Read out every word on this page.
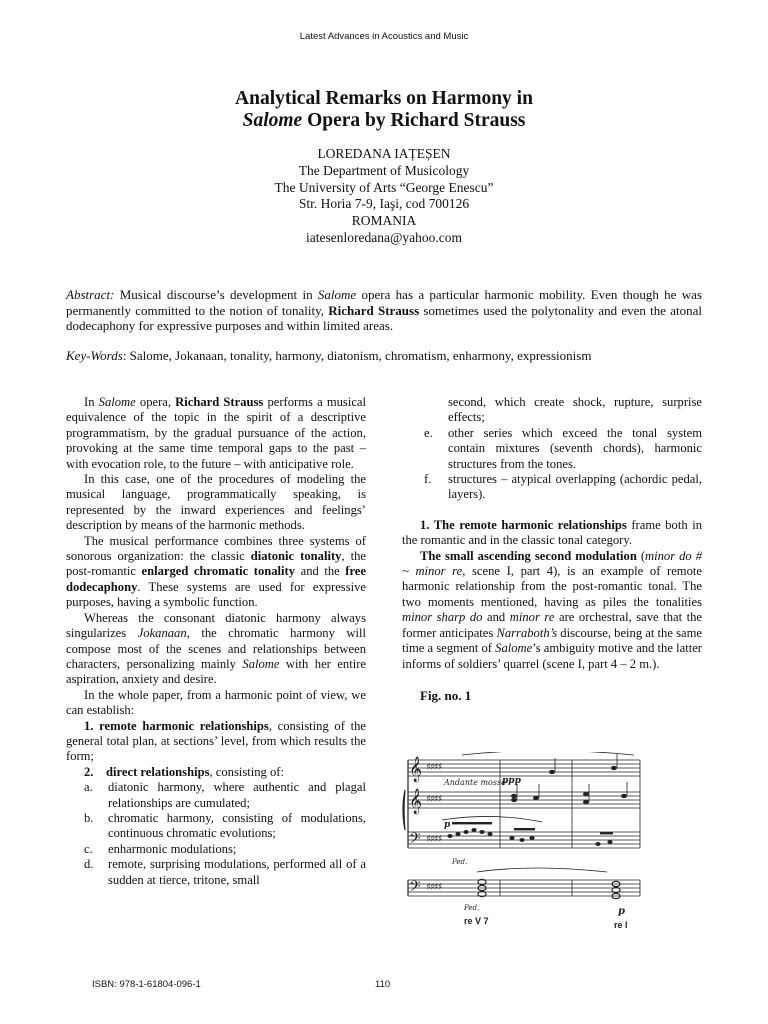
Latest Advances in Acoustics and Music
Analytical Remarks on Harmony in
Salome Opera by Richard Strauss
LOREDANA IAȚEȘEN
The Department of Musicology
The University of Arts “George Enescu”
Str. Horia 7-9, Iaşi, cod 700126
ROMANIA
iatesenloredana@yahoo.com
Abstract: Musical discourse’s development in Salome opera has a particular harmonic mobility. Even though he was permanently committed to the notion of tonality, Richard Strauss sometimes used the polytonality and even the atonal dodecaphony for expressive purposes and within limited areas.
Key-Words: Salome, Jokanaan, tonality, harmony, diatonism, chromatism, enharmony, expressionism

In Salome opera, Richard Strauss performs a musical equivalence of the topic in the spirit of a descriptive programmatism, by the gradual pursuance of the action, provoking at the same time temporal gaps to the past – with evocation role, to the future – with anticipative role.

In this case, one of the procedures of modeling the musical language, programmatically speaking, is represented by the inward experiences and feelings’ description by means of the harmonic methods.

The musical performance combines three systems of sonorous organization: the classic diatonic tonality, the post-romantic enlarged chromatic tonality and the free dodecaphony. These systems are used for expressive purposes, having a symbolic function.

Whereas the consonant diatonic harmony always singularizes Jokanaan, the chromatic harmony will compose most of the scenes and relationships between characters, personalizing mainly Salome with her entire aspiration, anxiety and desire.

In the whole paper, from a harmonic point of view, we can establish:

1. remote harmonic relationships, consisting of the general total plan, at sections’ level, from which results the form;

2. direct relationships, consisting of:

a.	diatonic harmony, where authentic and plagal relationships are cumulated;
b.	chromatic harmony, consisting of modulations, continuous chromatic evolutions;
c.	enharmonic modulations;
d.	remote, surprising modulations, performed all of a sudden at tierce, tritone, small
second, which create shock, rupture, surprise effects;
e.	other series which exceed the tonal system contain mixtures (seventh chords), harmonic structures from the tones.
f.	structures – atypical overlapping (achordic pedal, layers).

1. The remote harmonic relationships frame both in the romantic and in the classic tonal category.

The small ascending second modulation (minor do # ~ minor re, scene I, part 4), is an example of remote harmonic relationship from the post-romantic tonal. The two moments mentioned, having as piles the tonalities minor sharp do and minor re are orchestral, save that the former anticipates Narraboth’s discourse, being at the same time a segment of Salome’s ambiguity motive and the latter informs of soldiers’ quarrel (scene I, part 4 – 2 m.).

Fig. no. 1
𝄞
𝄞
𝄢
𝄢
♯♯♯♯
♯♯♯♯
♯♯♯♯
♯♯♯♯
Andante mosso
ppp
p
p
Ped.
Ped.
re V 7	re I
ISBN: 978-1-61804-096-1	110
